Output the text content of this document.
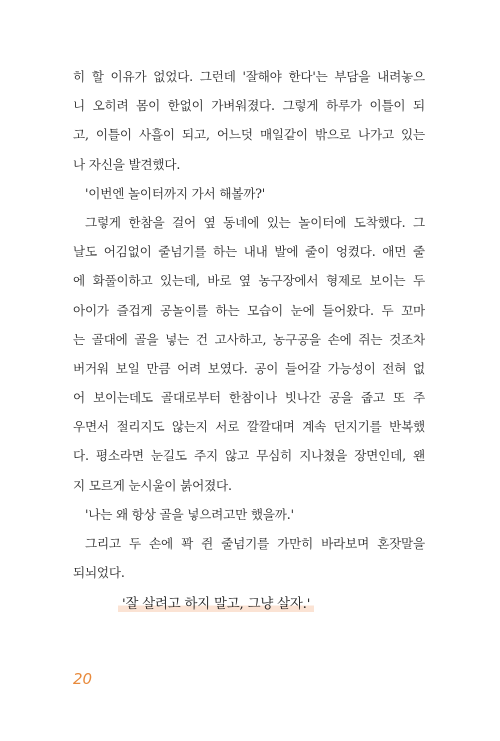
히 할 이유가 없었다. 그런데 '잘해야 한다'는 부담을 내려놓으
니 오히려 몸이 한없이 가벼워졌다. 그렇게 하루가 이틀이 되
고, 이틀이 사흘이 되고, 어느덧 매일같이 밖으로 나가고 있는
나 자신을 발견했다.
'이번엔 놀이터까지 가서 해볼까?'
그렇게 한참을 걸어 옆 동네에 있는 놀이터에 도착했다. 그
날도 어김없이 줄넘기를 하는 내내 발에 줄이 엉켰다. 애먼 줄
에 화풀이하고 있는데, 바로 옆 농구장에서 형제로 보이는 두
아이가 즐겁게 공놀이를 하는 모습이 눈에 들어왔다. 두 꼬마
는 골대에 골을 넣는 건 고사하고, 농구공을 손에 쥐는 것조차
버거워 보일 만큼 어려 보였다. 공이 들어갈 가능성이 전혀 없
어 보이는데도 골대로부터 한참이나 빗나간 공을 줍고 또 주
우면서 절리지도 않는지 서로 깔깔대며 계속 던지기를 반복했
다. 평소라면 눈길도 주지 않고 무심히 지나쳤을 장면인데, 왠
지 모르게 눈시울이 붉어졌다.
'나는 왜 항상 골을 넣으려고만 했을까.'
그리고 두 손에 꽉 쥔 줄넘기를 가만히 바라보며 혼잣말을
되뇌었다.
'잘 살려고 하지 말고, 그냥 살자.'
20
